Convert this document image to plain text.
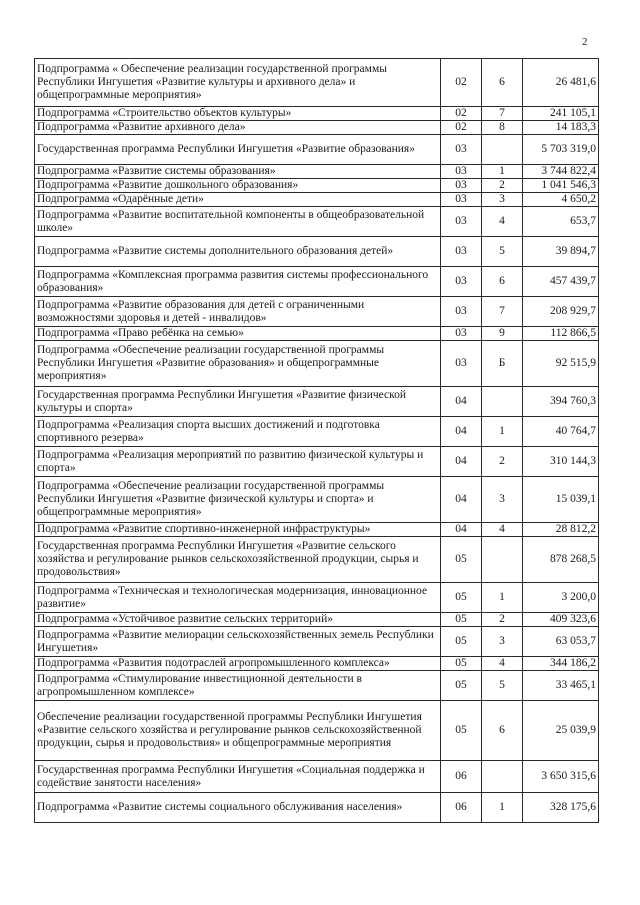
2
Подпрограмма « Обеспечение реализации государственной программы Республики Ингушетия «Развитие культуры и архивного дела» и общепрограммные мероприятия»	02	6	26 481,6
Подпрограмма «Строительство объектов культуры»	02	7	241 105,1
Подпрограмма «Развитие архивного дела»	02	8	14 183,3
Государственная программа Республики Ингушетия «Развитие образования»	03		5 703 319,0
Подпрограмма «Развитие системы образования»	03	1	3 744 822,4
Подпрограмма «Развитие дошкольного образования»	03	2	1 041 546,3
Подпрограмма «Одарённые дети»	03	3	4 650,2
Подпрограмма «Развитие воспитательной компоненты в общеобразовательной школе»	03	4	653,7
Подпрограмма «Развитие системы дополнительного образования детей»	03	5	39 894,7
Подпрограмма «Комплексная программа развития системы профессионального образования»	03	6	457 439,7
Подпрограмма «Развитие образования для детей с ограниченными возможностями здоровья и детей - инвалидов»	03	7	208 929,7
Подпрограмма «Право ребёнка на семью»	03	9	112 866,5
Подпрограмма «Обеспечение реализации государственной программы Республики Ингушетия «Развитие образования» и общепрограммные мероприятия»	03	Б	92 515,9
Государственная программа Республики Ингушетия «Развитие физической культуры и спорта»	04		394 760,3
Подпрограмма «Реализация спорта высших достижений и подготовка спортивного резерва»	04	1	40 764,7
Подпрограмма «Реализация мероприятий по развитию физической культуры и спорта»	04	2	310 144,3
Подпрограмма «Обеспечение реализации государственной программы Республики Ингушетия «Развитие физической культуры и спорта» и общепрограммные мероприятия»	04	3	15 039,1
Подпрограмма «Развитие спортивно-инженерной инфраструктуры»	04	4	28 812,2
Государственная программа Республики Ингушетия «Развитие сельского хозяйства и регулирование рынков сельскохозяйственной продукции, сырья и продовольствия»	05		878 268,5
Подпрограмма «Техническая и технологическая модернизация, инновационное развитие»	05	1	3 200,0
Подпрограмма «Устойчивое развитие сельских территорий»	05	2	409 323,6
Подпрограмма «Развитие мелиорации сельскохозяйственных земель Республики Ингушетия»	05	3	63 053,7
Подпрограмма «Развития подотраслей агропромышленного комплекса»	05	4	344 186,2
Подпрограмма «Стимулирование инвестиционной деятельности в агропромышленном комплексе»	05	5	33 465,1
Обеспечение реализации государственной программы Республики Ингушетия «Развитие сельского хозяйства и регулирование рынков сельскохозяйственной продукции, сырья и продовольствия» и общепрограммные мероприятия	05	6	25 039,9
Государственная программа Республики Ингушетия «Социальная поддержка и содействие занятости населения»	06		3 650 315,6
Подпрограмма «Развитие системы социального обслуживания населения»	06	1	328 175,6
